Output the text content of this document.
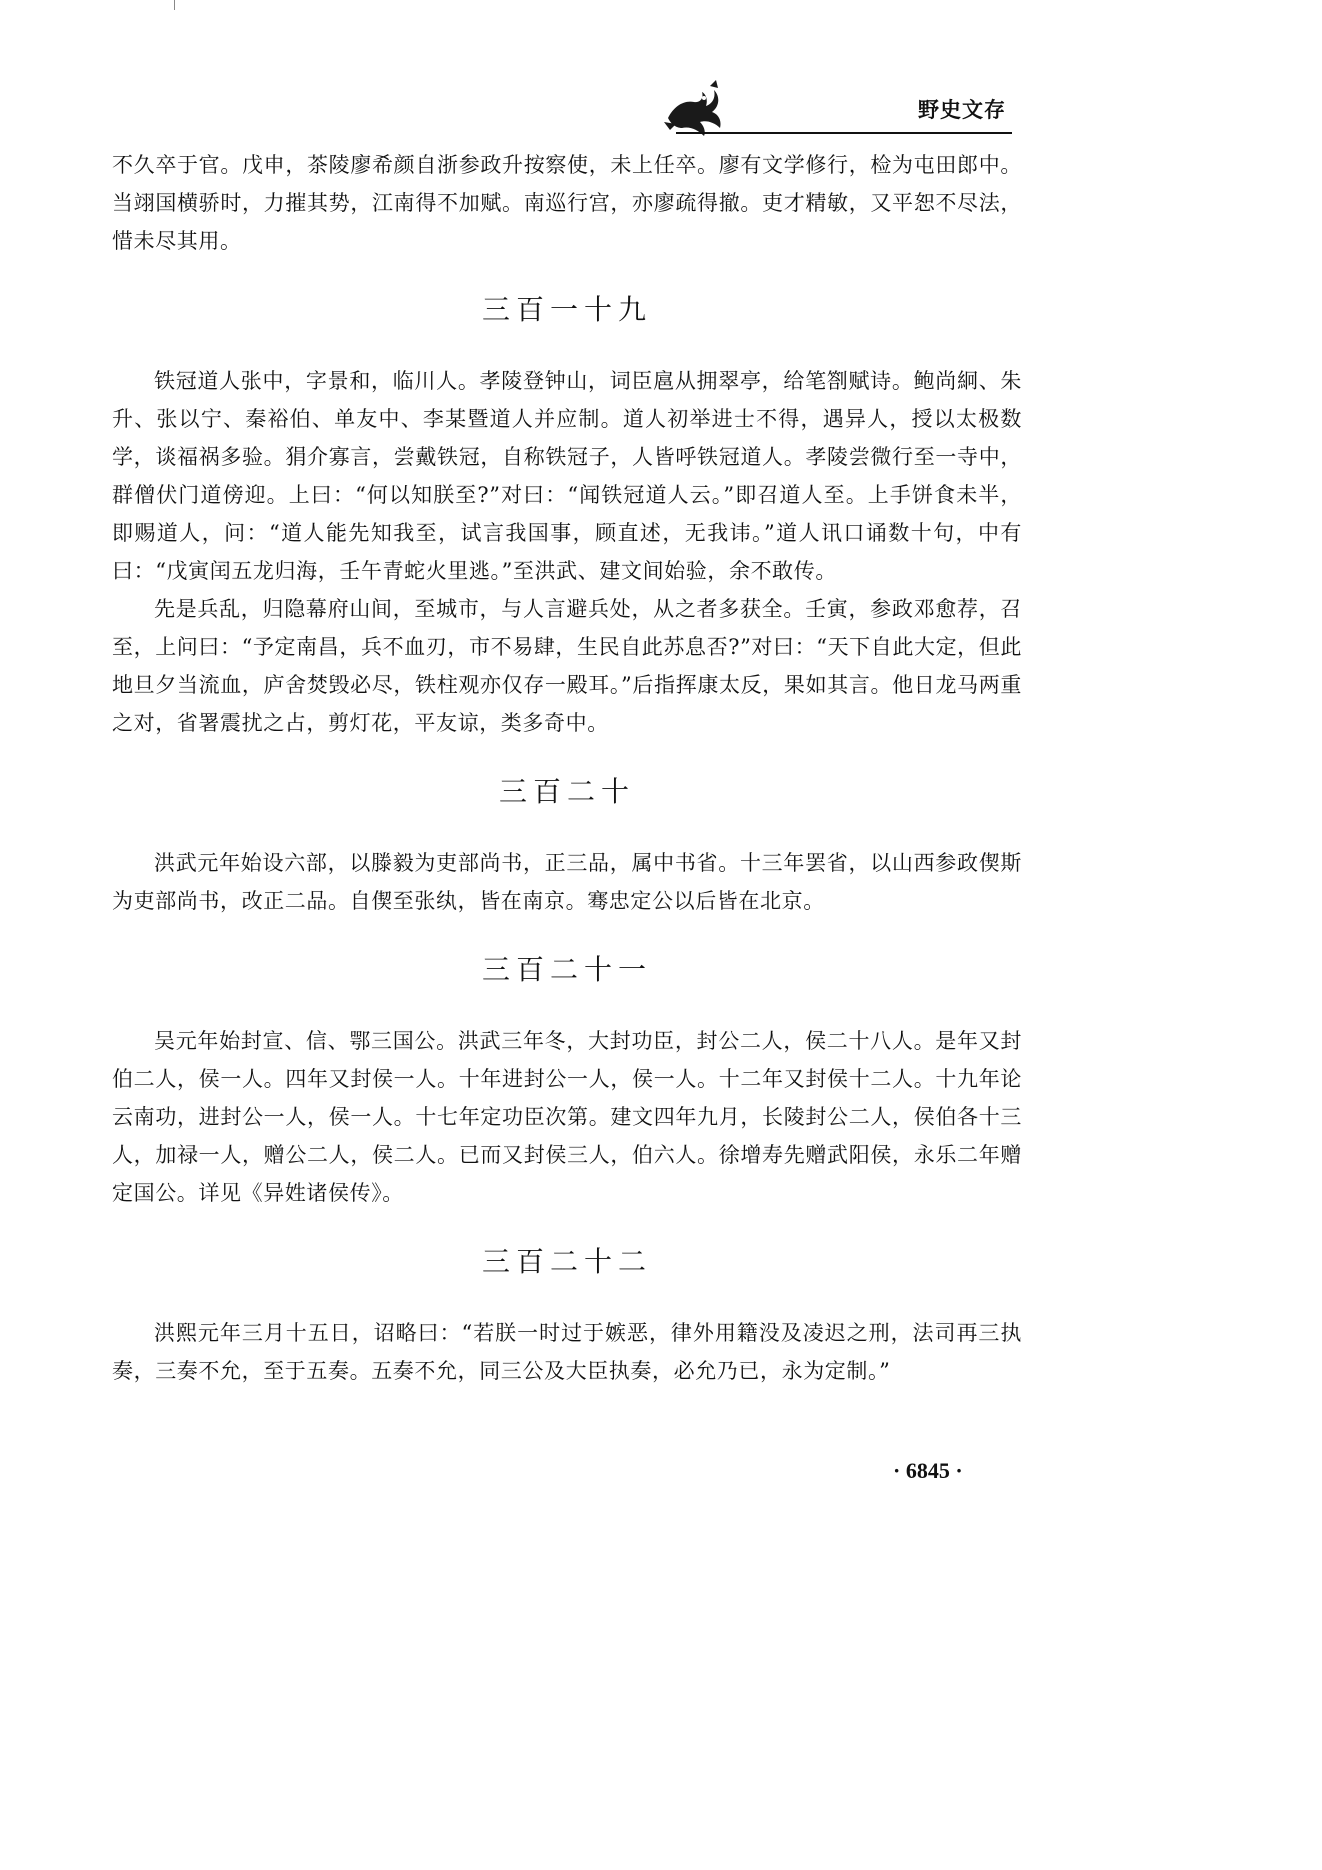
野史文存

不久卒于官。戊申，茶陵廖希颜自浙参政升按察使，未上任卒。廖有文学修行，检为屯田郎中。当翊国横骄时，力摧其势，江南得不加赋。南巡行宫，亦廖疏得撤。吏才精敏，又平恕不尽法，惜未尽其用。

三百一十九

铁冠道人张中，字景和，临川人。孝陵登钟山，词臣扈从拥翠亭，给笔劄赋诗。鲍尚絅、朱升、张以宁、秦裕伯、单友中、李某暨道人并应制。道人初举进士不得，遇异人，授以太极数学，谈福祸多验。狷介寡言，尝戴铁冠，自称铁冠子，人皆呼铁冠道人。孝陵尝微行至一寺中，群僧伏门道傍迎。上曰：“何以知朕至?”对曰：“闻铁冠道人云。”即召道人至。上手饼食未半，即赐道人，问：“道人能先知我至，试言我国事，顾直述，无我讳。”道人讯口诵数十句，中有曰：“戊寅闰五龙归海，壬午青蛇火里逃。”至洪武、建文间始验，余不敢传。

先是兵乱，归隐幕府山间，至城市，与人言避兵处，从之者多获全。壬寅，参政邓愈荐，召至，上问曰：“予定南昌，兵不血刃，市不易肆，生民自此苏息否?”对曰：“天下自此大定，但此地旦夕当流血，庐舍焚毁必尽，铁柱观亦仅存一殿耳。”后指挥康太反，果如其言。他日龙马两重之对，省署震扰之占，剪灯花，平友谅，类多奇中。

三百二十

洪武元年始设六部，以滕毅为吏部尚书，正三品，属中书省。十三年罢省，以山西参政偰斯为吏部尚书，改正二品。自偰至张纨，皆在南京。骞忠定公以后皆在北京。

三百二十一

吴元年始封宣、信、鄂三国公。洪武三年冬，大封功臣，封公二人，侯二十八人。是年又封伯二人，侯一人。四年又封侯一人。十年进封公一人，侯一人。十二年又封侯十二人。十九年论云南功，进封公一人，侯一人。十七年定功臣次第。建文四年九月，长陵封公二人，侯伯各十三人，加禄一人，赠公二人，侯二人。已而又封侯三人，伯六人。徐增寿先赠武阳侯，永乐二年赠定国公。详见《异姓诸侯传》。

三百二十二

洪熙元年三月十五日，诏略曰：“若朕一时过于嫉恶，律外用籍没及凌迟之刑，法司再三执奏，三奏不允，至于五奏。五奏不允，同三公及大臣执奏，必允乃已，永为定制。”

· 6845 ·
